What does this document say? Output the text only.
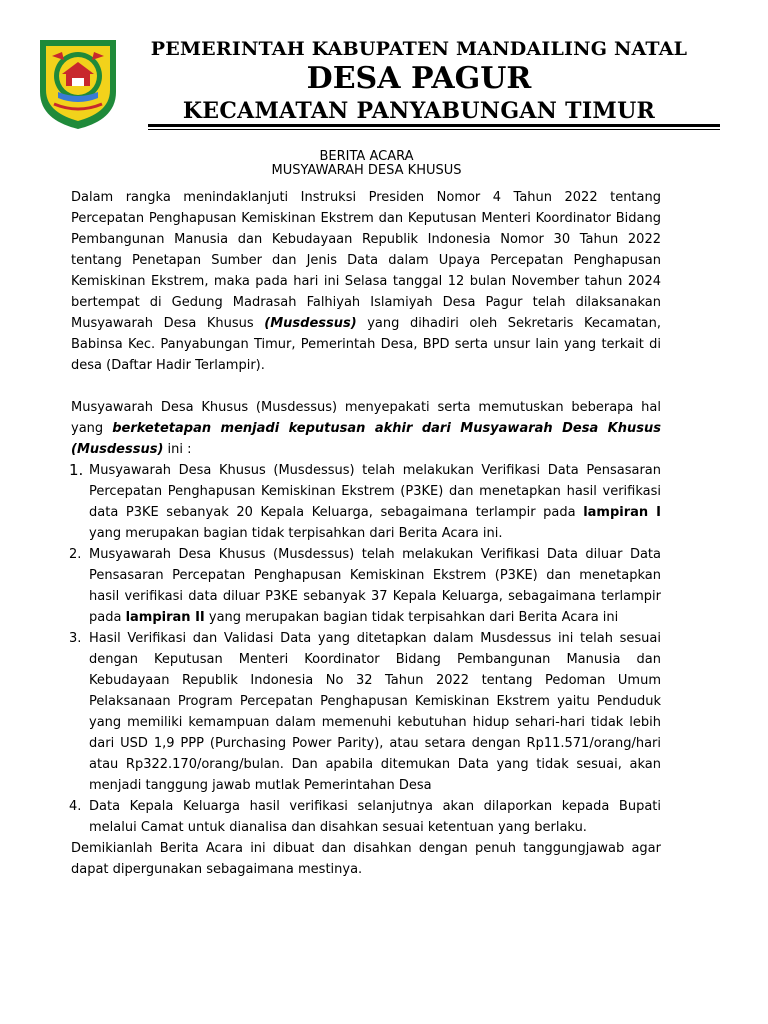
PEMERINTAH KABUPATEN MANDAILING NATAL
DESA PAGUR
KECAMATAN PANYABUNGAN TIMUR
BERITA ACARA
MUSYAWARAH DESA KHUSUS

Dalam rangka menindaklanjuti Instruksi Presiden Nomor 4 Tahun 2022 tentang Percepatan Penghapusan Kemiskinan Ekstrem dan Keputusan Menteri Koordinator Bidang Pembangunan Manusia dan Kebudayaan Republik Indonesia Nomor 30 Tahun 2022 tentang Penetapan Sumber dan Jenis Data dalam Upaya Percepatan Penghapusan Kemiskinan Ekstrem, maka pada hari ini Selasa tanggal 12 bulan November tahun 2024 bertempat di Gedung Madrasah Falhiyah Islamiyah Desa Pagur telah dilaksanakan Musyawarah Desa Khusus (Musdessus) yang dihadiri oleh Sekretaris Kecamatan, Babinsa Kec. Panyabungan Timur, Pemerintah Desa, BPD serta unsur lain yang terkait di desa (Daftar Hadir Terlampir).

Musyawarah Desa Khusus (Musdessus) menyepakati serta memutuskan beberapa hal yang berketetapan menjadi keputusan akhir dari Musyawarah Desa Khusus (Musdessus) ini :

1. Musyawarah Desa Khusus (Musdessus) telah melakukan Verifikasi Data Pensasaran Percepatan Penghapusan Kemiskinan Ekstrem (P3KE) dan menetapkan hasil verifikasi data P3KE sebanyak 20 Kepala Keluarga, sebagaimana terlampir pada lampiran I yang merupakan bagian tidak terpisahkan dari Berita Acara ini.
2. Musyawarah Desa Khusus (Musdessus) telah melakukan Verifikasi Data diluar Data Pensasaran Percepatan Penghapusan Kemiskinan Ekstrem (P3KE) dan menetapkan hasil verifikasi data diluar P3KE sebanyak 37 Kepala Keluarga, sebagaimana terlampir pada lampiran II yang merupakan bagian tidak terpisahkan dari Berita Acara ini
3. Hasil Verifikasi dan Validasi Data yang ditetapkan dalam Musdessus ini telah sesuai dengan Keputusan Menteri Koordinator Bidang Pembangunan Manusia dan Kebudayaan Republik Indonesia No 32 Tahun 2022 tentang Pedoman Umum Pelaksanaan Program Percepatan Penghapusan Kemiskinan Ekstrem yaitu Penduduk yang memiliki kemampuan dalam memenuhi kebutuhan hidup sehari-hari tidak lebih dari USD 1,9 PPP (Purchasing Power Parity), atau setara dengan Rp11.571/orang/hari atau Rp322.170/orang/bulan. Dan apabila ditemukan Data yang tidak sesuai, akan menjadi tanggung jawab mutlak Pemerintahan Desa
4. Data Kepala Keluarga hasil verifikasi selanjutnya akan dilaporkan kepada Bupati melalui Camat untuk dianalisa dan disahkan sesuai ketentuan yang berlaku.

Demikianlah Berita Acara ini dibuat dan disahkan dengan penuh tanggungjawab agar dapat dipergunakan sebagaimana mestinya.
